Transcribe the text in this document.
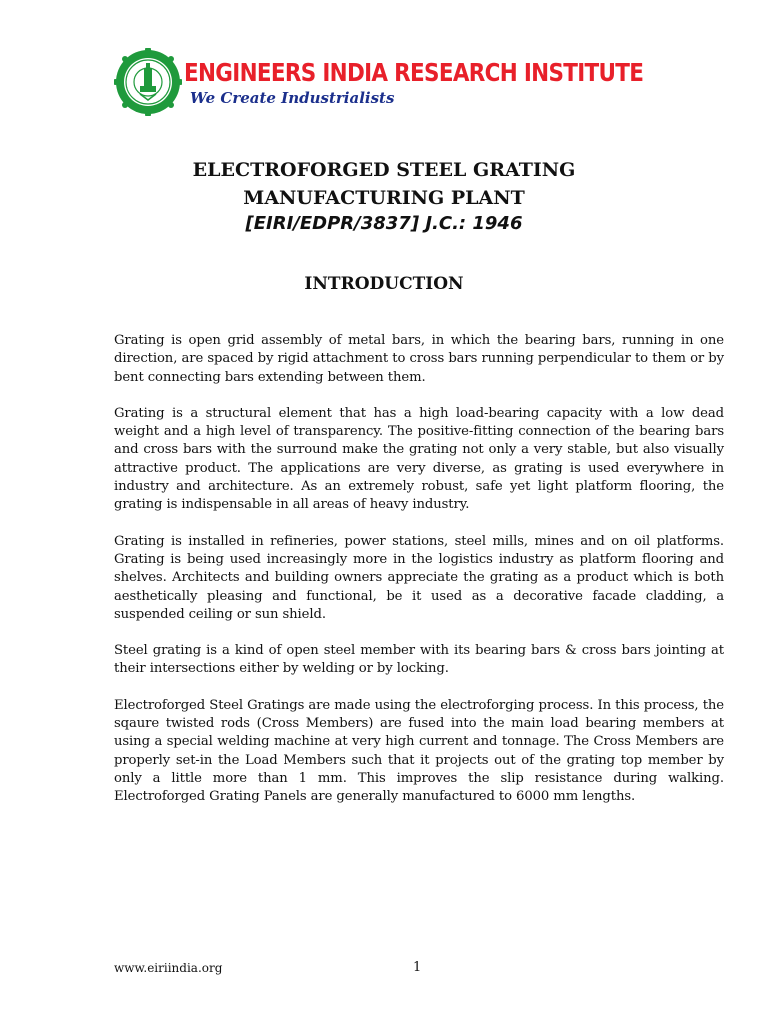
ENGINEERS INDIA RESEARCH INSTITUTE
We Create Industrialists
ELECTROFORGED STEEL GRATING
MANUFACTURING PLANT
[EIRI/EDPR/3837] J.C.: 1946
INTRODUCTION

Grating is open grid assembly of metal bars, in which the bearing bars, running in one direction, are spaced by rigid attachment to cross bars running perpendicular to them or by bent connecting bars extending between them.

Grating is a structural element that has a high load-bearing capacity with a low dead weight and a high level of transparency. The positive-fitting connection of the bearing bars and cross bars with the surround make the grating not only a very stable, but also visually attractive product. The applications are very diverse, as grating is used everywhere in industry and architecture. As an extremely robust, safe yet light platform flooring, the grating is indispensable in all areas of heavy industry.

Grating is installed in refineries, power stations, steel mills, mines and on oil platforms. Grating is being used increasingly more in the logistics industry as platform flooring and shelves. Architects and building owners appreciate the grating as a product which is both aesthetically pleasing and functional, be it used as a decorative facade cladding, a suspended ceiling or sun shield.

Steel grating is a kind of open steel member with its bearing bars & cross bars jointing at their intersections either by welding or by locking.

Electroforged Steel Gratings are made using the electroforging process. In this process, the sqaure twisted rods (Cross Members) are fused into the main load bearing members at using a special welding machine at very high current and tonnage. The Cross Members are properly set-in the Load Members such that it projects out of the grating top member by only a little more than 1 mm. This improves the slip resistance during walking. Electroforged Grating Panels are generally manufactured to 6000 mm lengths.

www.eiriindia.org	1
